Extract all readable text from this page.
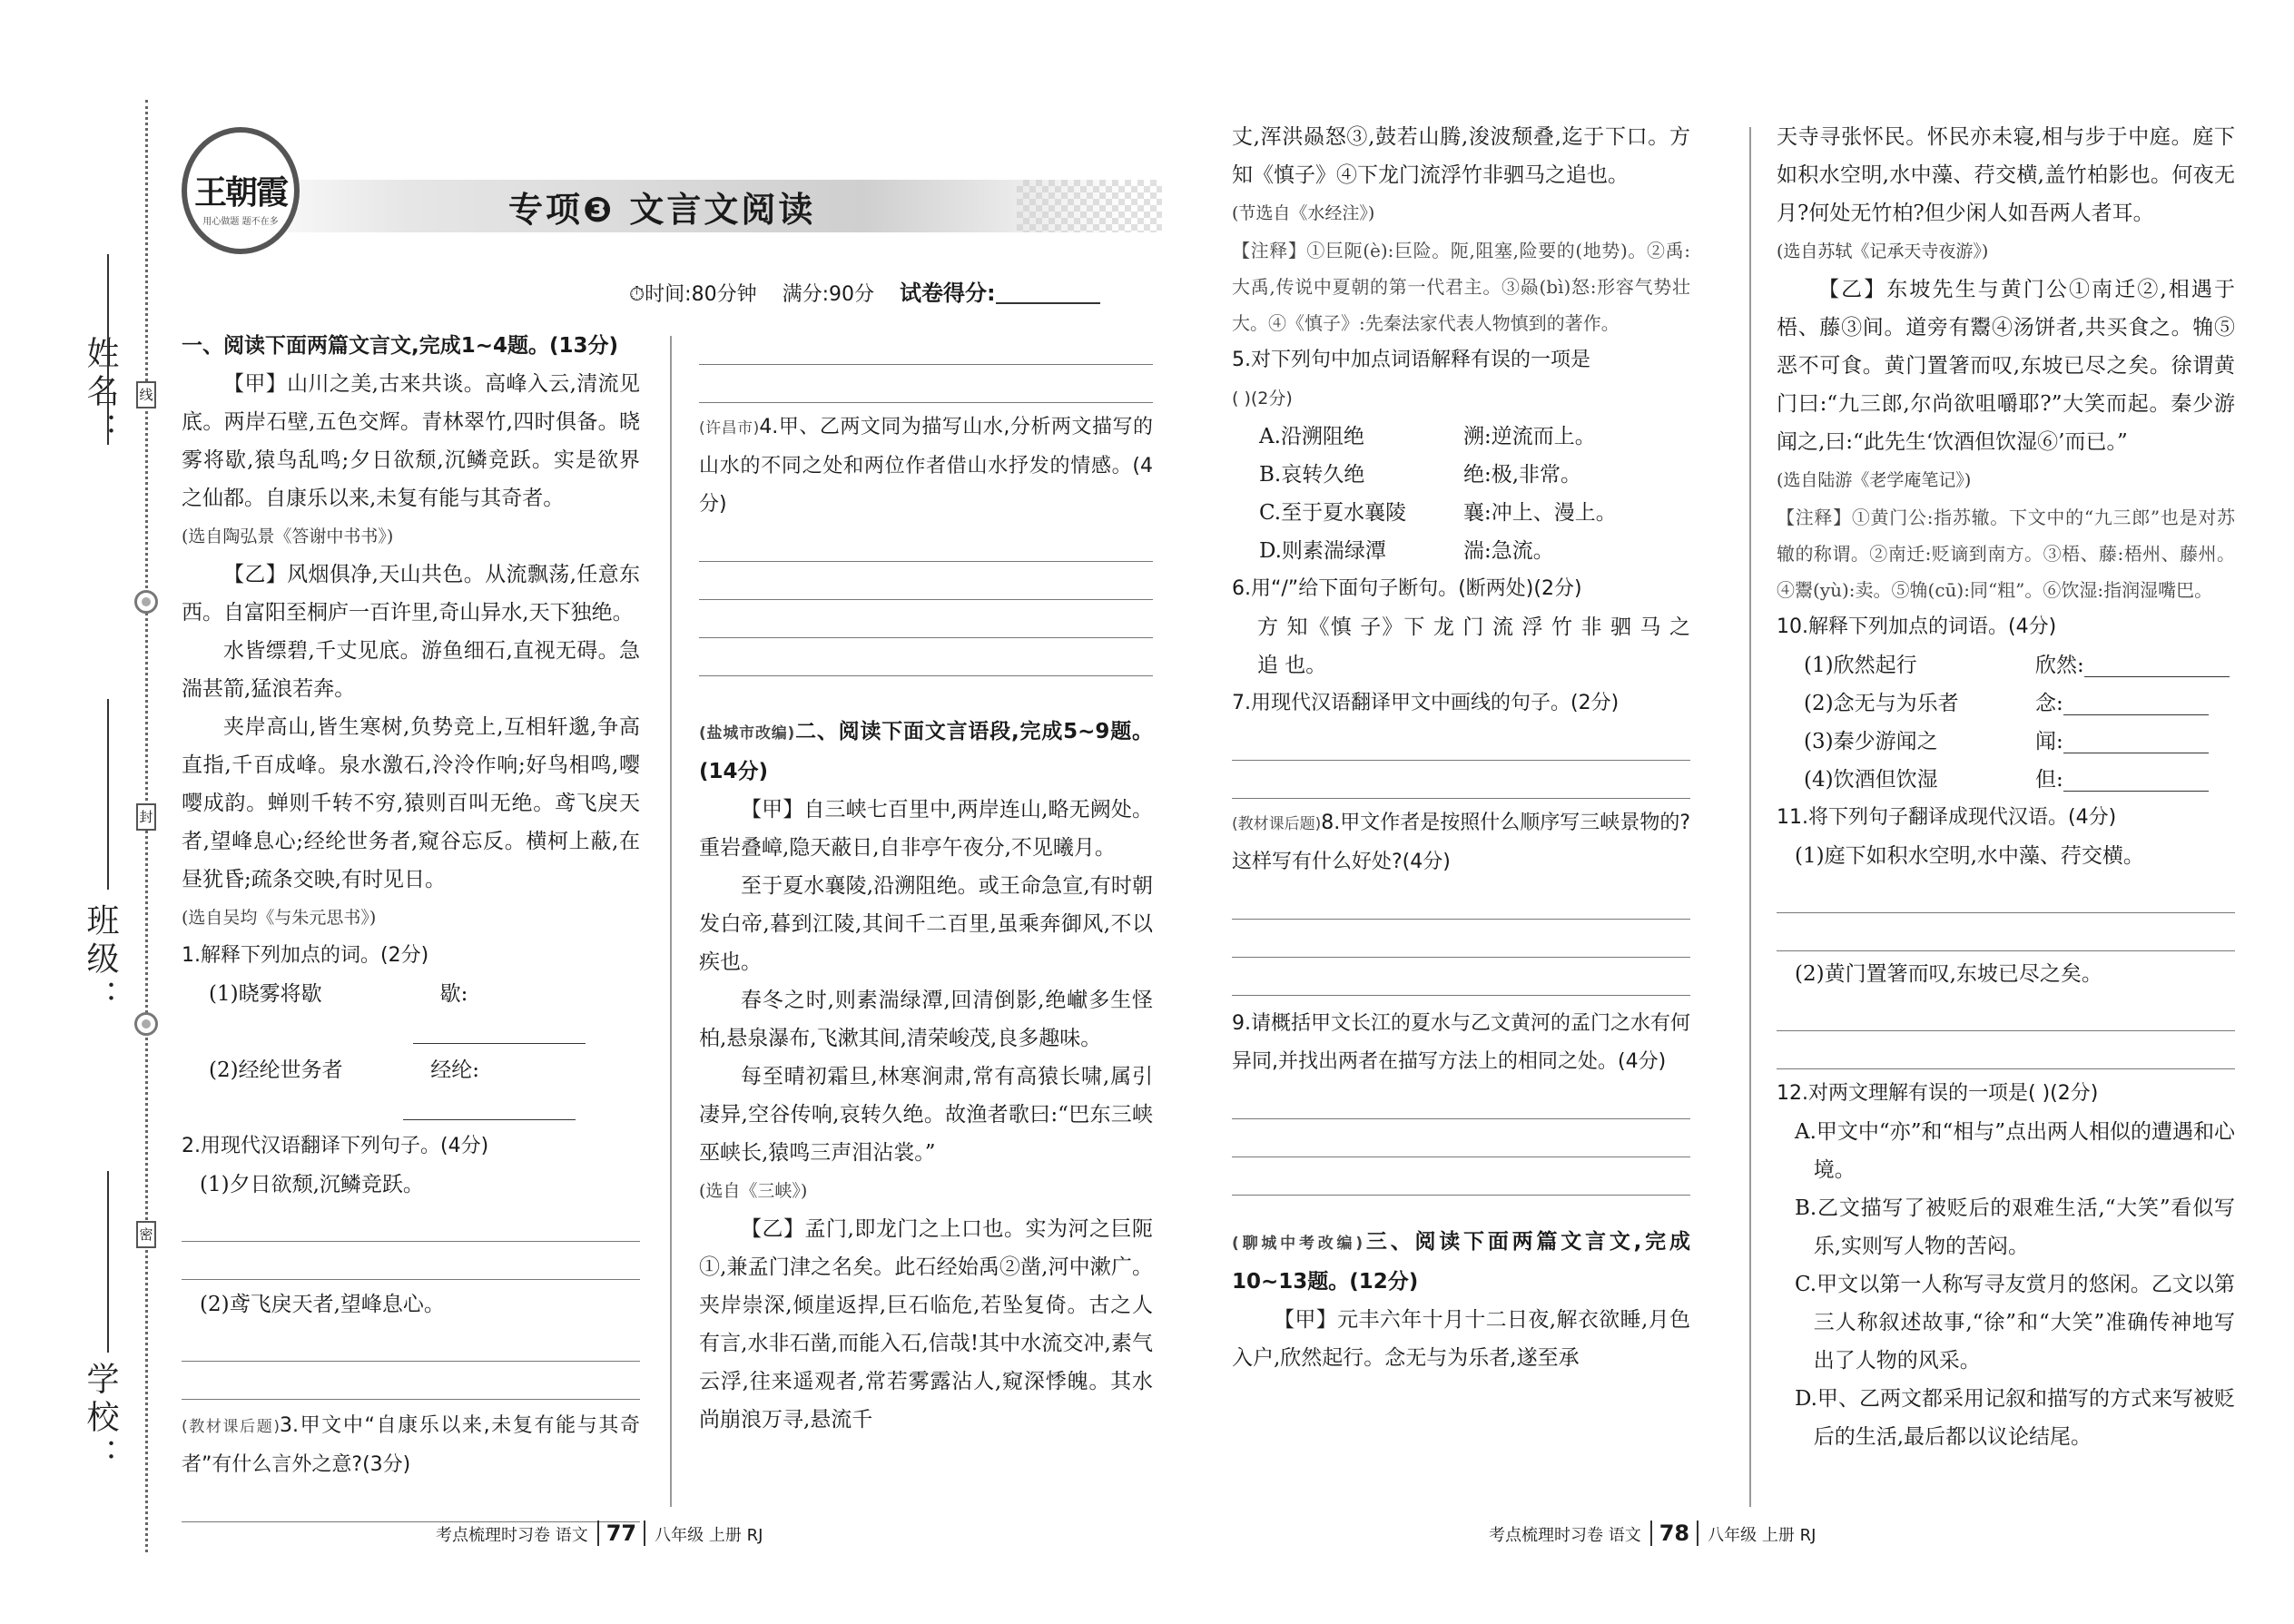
姓名：
班级：
学校：
线
封
密
王朝霞
用心做题 题不在多	专项❸ 文言文阅读
⏱时间:80分钟 满分:90分 试卷得分:

一、阅读下面两篇文言文,完成1~4题。(13分)

【甲】山川之美,古来共谈。高峰入云,清流见底。两岸石壁,五色交辉。青林翠竹,四时俱备。晓雾将歇,猿鸟乱鸣;夕日欲颓,沉鳞竞跃。实是欲界之仙都。自康乐以来,未复有能与其奇者。

(选自陶弘景《答谢中书书》)

【乙】风烟俱净,天山共色。从流飘荡,任意东西。自富阳至桐庐一百许里,奇山异水,天下独绝。

水皆缥碧,千丈见底。游鱼细石,直视无碍。急湍甚箭,猛浪若奔。

夹岸高山,皆生寒树,负势竞上,互相轩邈,争高直指,千百成峰。泉水激石,泠泠作响;好鸟相鸣,嘤嘤成韵。蝉则千转不穷,猿则百叫无绝。鸢飞戾天者,望峰息心;经纶世务者,窥谷忘反。横柯上蔽,在昼犹昏;疏条交映,有时见日。

(选自吴均《与朱元思书》)

1.解释下列加点的词。(2分)

(1)晓雾将歇	歇:
(2)经纶世务者	经纶:

2.用现代汉语翻译下列句子。(4分)

(1)夕日欲颓,沉鳞竞跃。

(2)鸢飞戾天者,望峰息心。

(教材课后题)3.甲文中“自康乐以来,未复有能与其奇者”有什么言外之意?(3分)

(许昌市)4.甲、乙两文同为描写山水,分析两文描写的山水的不同之处和两位作者借山水抒发的情感。(4分)

(盐城市改编)二、阅读下面文言语段,完成5~9题。(14分)

【甲】自三峡七百里中,两岸连山,略无阙处。重岩叠嶂,隐天蔽日,自非亭午夜分,不见曦月。

至于夏水襄陵,沿溯阻绝。或王命急宣,有时朝发白帝,暮到江陵,其间千二百里,虽乘奔御风,不以疾也。

春冬之时,则素湍绿潭,回清倒影,绝𪩘多生怪柏,悬泉瀑布,飞漱其间,清荣峻茂,良多趣味。

每至晴初霜旦,林寒涧肃,常有高猿长啸,属引凄异,空谷传响,哀转久绝。故渔者歌曰:“巴东三峡巫峡长,猿鸣三声泪沾裳。”

(选自《三峡》)

【乙】孟门,即龙门之上口也。实为河之巨阨①,兼孟门津之名矣。此石经始禹②凿,河中漱广。夹岸崇深,倾崖返捍,巨石临危,若坠复倚。古之人有言,水非石凿,而能入石,信哉!其中水流交冲,素气云浮,往来遥观者,常若雾露沾人,窥深悸魄。其水尚崩浪万寻,悬流千

丈,浑洪赑怒③,鼓若山腾,浚波颓叠,迄于下口。方知《慎子》④下龙门流浮竹非驷马之追也。

(节选自《水经注》)

【注释】①巨阨(è):巨险。阨,阻塞,险要的(地势)。②禹:大禹,传说中夏朝的第一代君主。③赑(bì)怒:形容气势壮大。④《慎子》:先秦法家代表人物慎到的著作。

5.对下列句中加点词语解释有误的一项是

( )(2分)

A.沿溯阻绝	溯:逆流而上。
B.哀转久绝	绝:极,非常。
C.至于夏水襄陵	襄:冲上、漫上。
D.则素湍绿潭	湍:急流。

6.用“/”给下面句子断句。(断两处)(2分)

方 知《慎 子》下 龙 门 流 浮 竹 非 驷 马 之 追 也。

7.用现代汉语翻译甲文中画线的句子。(2分)

(教材课后题)8.甲文作者是按照什么顺序写三峡景物的?这样写有什么好处?(4分)

9.请概括甲文长江的夏水与乙文黄河的孟门之水有何异同,并找出两者在描写方法上的相同之处。(4分)

(聊城中考改编)三、阅读下面两篇文言文,完成10~13题。(12分)

【甲】元丰六年十月十二日夜,解衣欲睡,月色入户,欣然起行。念无与为乐者,遂至承

天寺寻张怀民。怀民亦未寝,相与步于中庭。庭下如积水空明,水中藻、荇交横,盖竹柏影也。何夜无月?何处无竹柏?但少闲人如吾两人者耳。

(选自苏轼《记承天寺夜游》)

【乙】东坡先生与黄门公①南迁②,相遇于梧、藤③间。道旁有鬻④汤饼者,共买食之。觕⑤恶不可食。黄门置箸而叹,东坡已尽之矣。徐谓黄门曰:“九三郎,尔尚欲咀嚼耶?”大笑而起。秦少游闻之,曰:“此先生‘饮酒但饮湿⑥’而已。”

(选自陆游《老学庵笔记》)

【注释】①黄门公:指苏辙。下文中的“九三郎”也是对苏辙的称谓。②南迁:贬谪到南方。③梧、藤:梧州、藤州。④鬻(yù):卖。⑤觕(cū):同“粗”。⑥饮湿:指润湿嘴巴。

10.解释下列加点的词语。(4分)

(1)欣然起行	欣然:
(2)念无与为乐者	念:
(3)秦少游闻之	闻:
(4)饮酒但饮湿	但:

11.将下列句子翻译成现代汉语。(4分)

(1)庭下如积水空明,水中藻、荇交横。

(2)黄门置箸而叹,东坡已尽之矣。

12.对两文理解有误的一项是( )(2分)

A.甲文中“亦”和“相与”点出两人相似的遭遇和心境。

B.乙文描写了被贬后的艰难生活,“大笑”看似写乐,实则写人物的苦闷。

C.甲文以第一人称写寻友赏月的悠闲。乙文以第三人称叙述故事,“徐”和“大笑”准确传神地写出了人物的风采。

D.甲、乙两文都采用记叙和描写的方式来写被贬后的生活,最后都以议论结尾。

考点梳理时习卷 语文 77 八年级 上册 RJ	考点梳理时习卷 语文 78 八年级 上册 RJ
